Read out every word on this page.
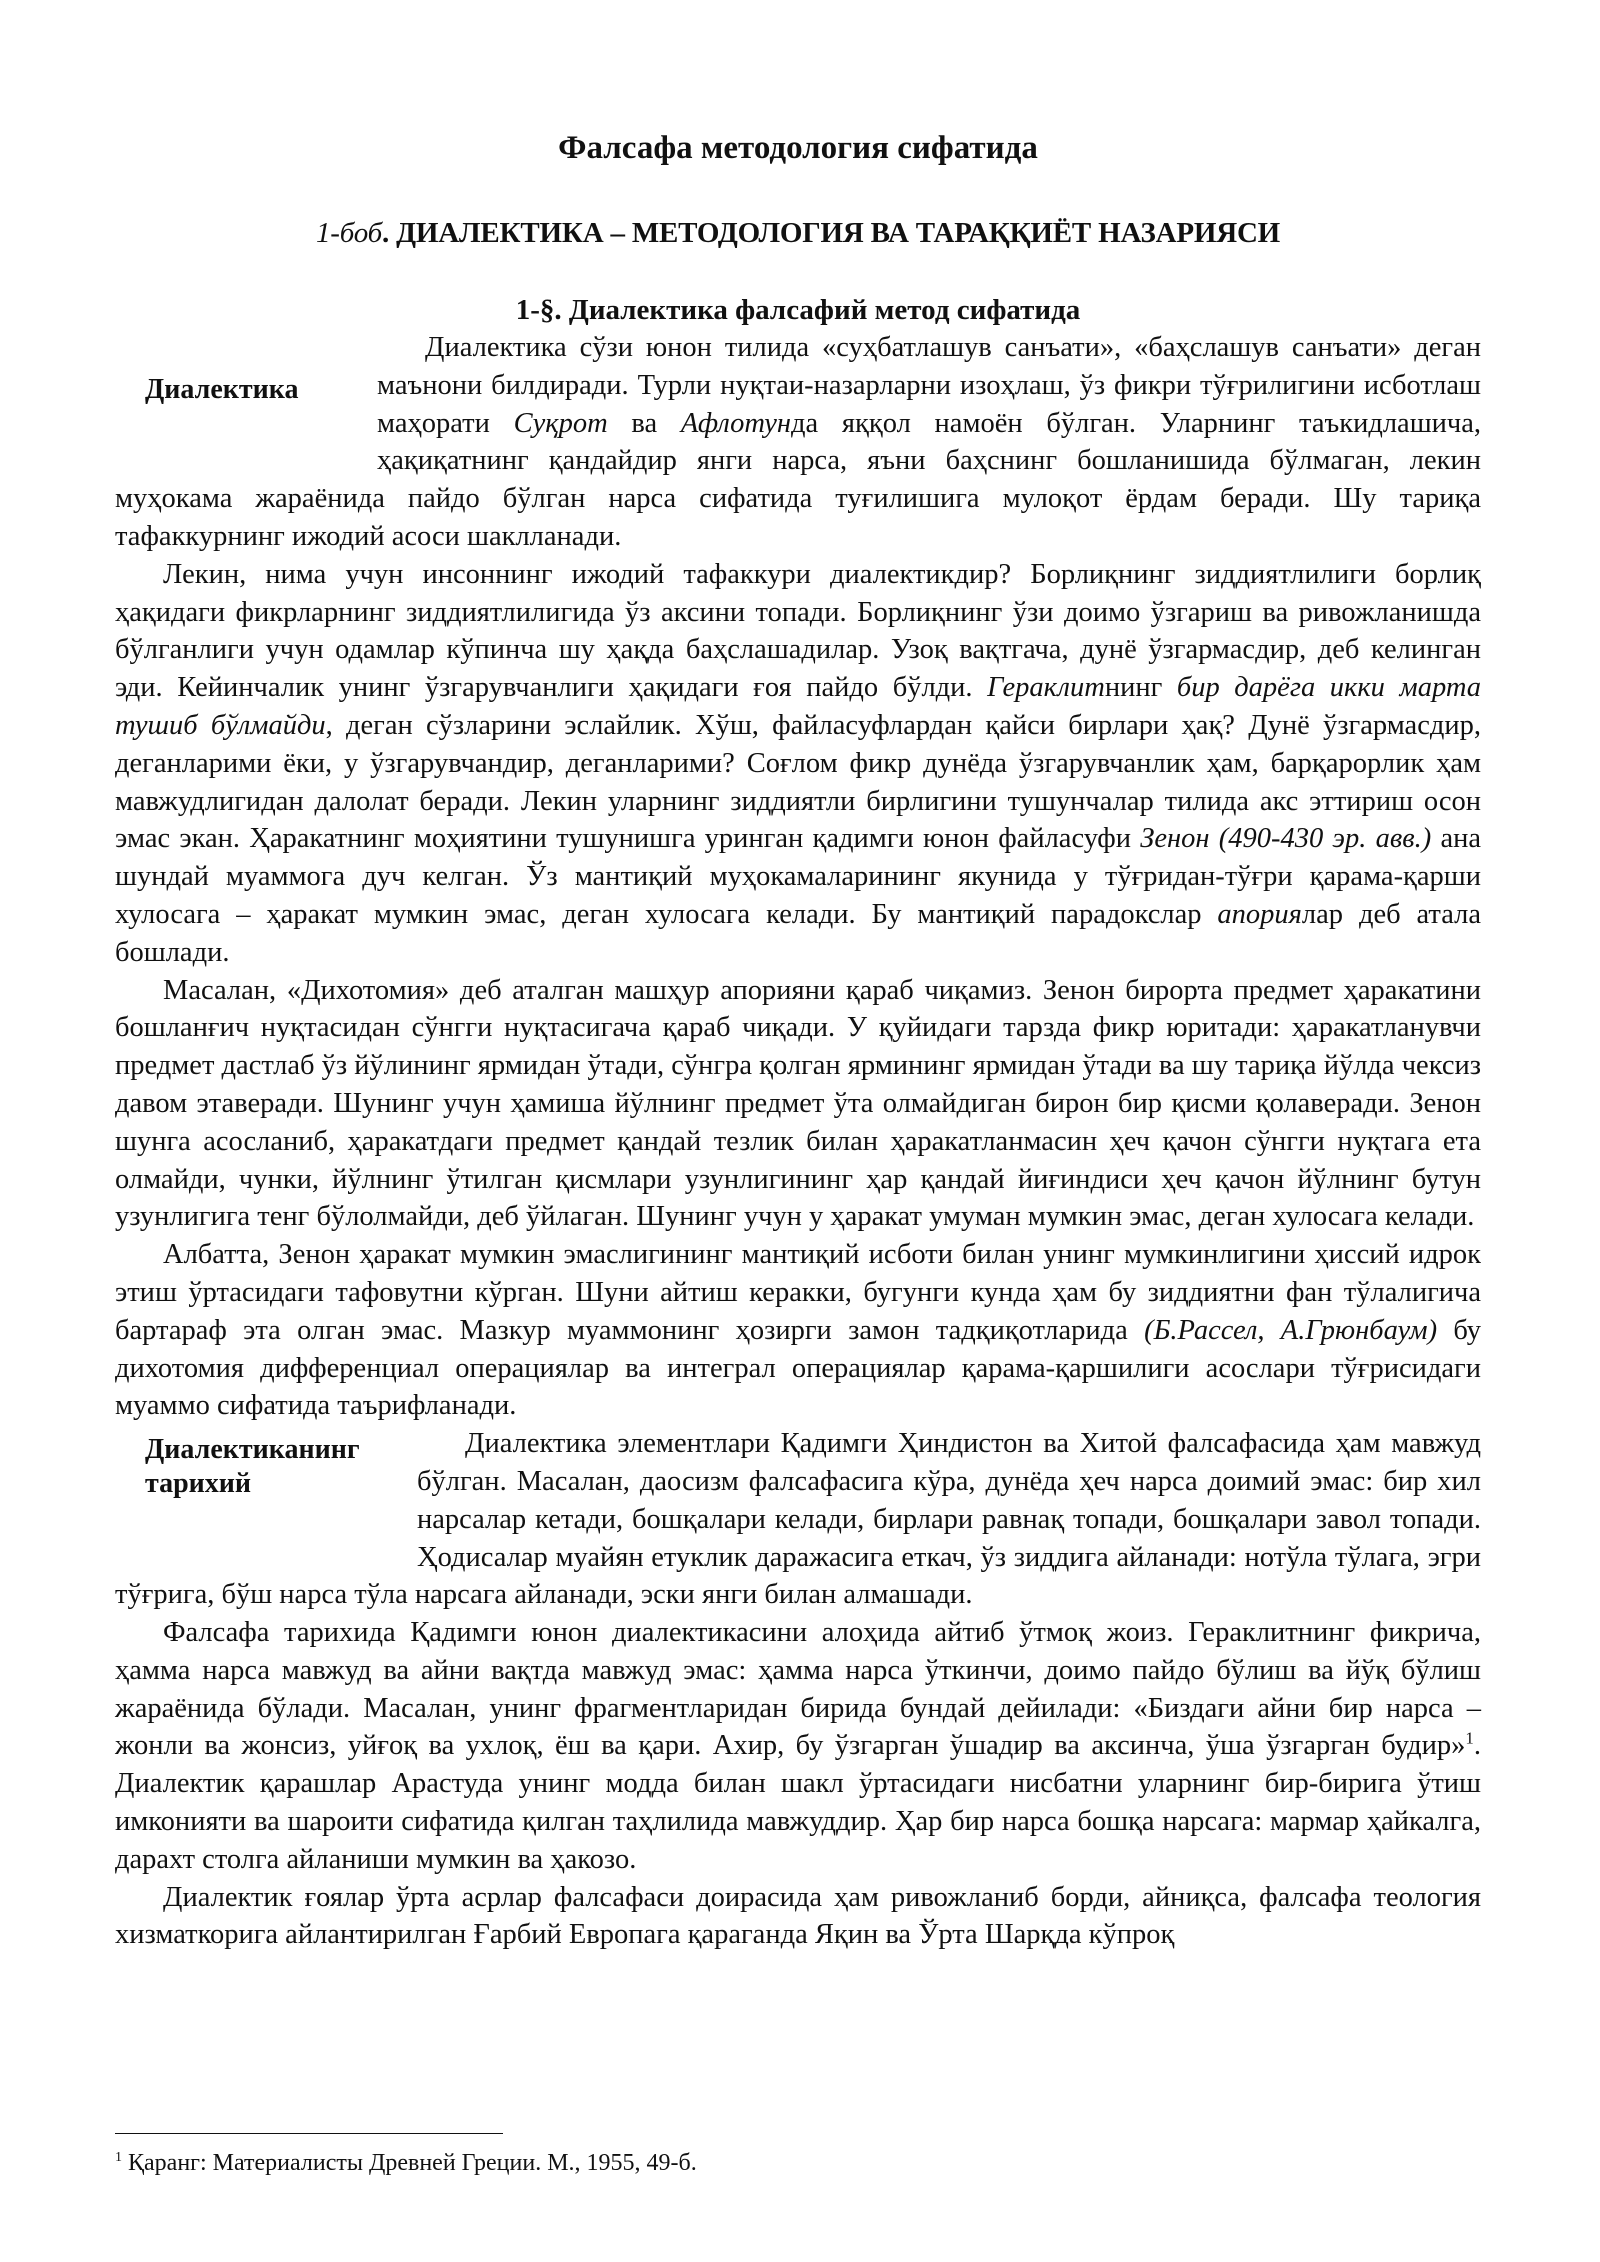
Фалсафа методология сифатида
1-боб. ДИАЛЕКТИКА – МЕТОДОЛОГИЯ ВА ТАРАҚҚИЁТ НАЗАРИЯСИ
1-§. Диалектика фалсафий метод сифатида

Диалектика
Диалектика сўзи юнон тилида «суҳбатлашув санъати», «баҳслашув санъати» деган маънони билдиради. Турли нуқтаи-назарларни изоҳлаш, ўз фикри тўғрилигини исботлаш маҳорати Суқрот ва Афлотунда яққол намоён бўлган. Уларнинг таъкидлашича, ҳақиқатнинг қандайдир янги нарса, яъни баҳснинг бошланишида бўлмаган, лекин муҳокама жараёнида пайдо бўлган нарса сифатида туғилишига мулоқот ёрдам беради. Шу тариқа тафаккурнинг ижодий асоси шаклланади.

Лекин, нима учун инсоннинг ижодий тафаккури диалектикдир? Борлиқнинг зиддиятлилиги борлиқ ҳақидаги фикрларнинг зиддиятлилигида ўз аксини топади. Борлиқнинг ўзи доимо ўзгариш ва ривожланишда бўлганлиги учун одамлар кўпинча шу ҳақда баҳслашадилар. Узоқ вақтгача, дунё ўзгармасдир, деб келинган эди. Кейинчалик унинг ўзгарувчанлиги ҳақидаги ғоя пайдо бўлди. Гераклитнинг бир дарёга икки марта тушиб бўлмайди, деган сўзларини эслайлик. Хўш, файласуфлардан қайси бирлари ҳақ? Дунё ўзгармасдир, деганларими ёки, у ўзгарувчандир, деганларими? Соғлом фикр дунёда ўзгарувчанлик ҳам, барқарорлик ҳам мавжудлигидан далолат беради. Лекин уларнинг зиддиятли бирлигини тушунчалар тилида акс эттириш осон эмас экан. Ҳаракатнинг моҳиятини тушунишга уринган қадимги юнон файласуфи Зенон (490-430 эр. авв.) ана шундай муаммога дуч келган. Ўз мантиқий муҳокамаларининг якунида у тўғридан-тўғри қарама-қарши хулосага – ҳаракат мумкин эмас, деган хулосага келади. Бу мантиқий парадокслар апориялар деб атала бошлади.

Масалан, «Дихотомия» деб аталган машҳур апорияни қараб чиқамиз. Зенон бирорта предмет ҳаракатини бошланғич нуқтасидан сўнгги нуқтасигача қараб чиқади. У қуйидаги тарзда фикр юритади: ҳаракатланувчи предмет дастлаб ўз йўлининг ярмидан ўтади, сўнгра қолган ярмининг ярмидан ўтади ва шу тариқа йўлда чексиз давом этаверади. Шунинг учун ҳамиша йўлнинг предмет ўта олмайдиган бирон бир қисми қолаверади. Зенон шунга асосланиб, ҳаракатдаги предмет қандай тезлик билан ҳаракатланмасин ҳеч қачон сўнгги нуқтага ета олмайди, чунки, йўлнинг ўтилган қисмлари узунлигининг ҳар қандай йиғиндиси ҳеч қачон йўлнинг бутун узунлигига тенг бўлолмайди, деб ўйлаган. Шунинг учун у ҳаракат умуман мумкин эмас, деган хулосага келади.

Албатта, Зенон ҳаракат мумкин эмаслигининг мантиқий исботи билан унинг мумкинлигини ҳиссий идрок этиш ўртасидаги тафовутни кўрган. Шуни айтиш керакки, бугунги кунда ҳам бу зиддиятни фан тўлалигича бартараф эта олган эмас. Мазкур муаммонинг ҳозирги замон тадқиқотларида (Б.Рассел, А.Грюнбаум) бу дихотомия дифференциал операциялар ва интеграл операциялар қарама-қаршилиги асослари тўғрисидаги муаммо сифатида таърифланади.

Диалектиканинг тарихий
Диалектика элементлари Қадимги Ҳиндистон ва Хитой фалсафасида ҳам мавжуд бўлган. Масалан, даосизм фалсафасига кўра, дунёда ҳеч нарса доимий эмас: бир хил нарсалар кетади, бошқалари келади, бирлари равнақ топади, бошқалари завол топади. Ҳодисалар муайян етуклик даражасига еткач, ўз зиддига айланади: нотўла тўлага, эгри тўғрига, бўш нарса тўла нарсага айланади, эски янги билан алмашади.

Фалсафа тарихида Қадимги юнон диалектикасини алоҳида айтиб ўтмоқ жоиз. Гераклитнинг фикрича, ҳамма нарса мавжуд ва айни вақтда мавжуд эмас: ҳамма нарса ўткинчи, доимо пайдо бўлиш ва йўқ бўлиш жараёнида бўлади. Масалан, унинг фрагментларидан бирида бундай дейилади: «Биздаги айни бир нарса – жонли ва жонсиз, уйғоқ ва ухлоқ, ёш ва қари. Ахир, бу ўзгарган ўшадир ва аксинча, ўша ўзгарган будир»$^1$. Диалектик қарашлар Арастуда унинг модда билан шакл ўртасидаги нисбатни уларнинг бир-бирига ўтиш имконияти ва шароити сифатида қилган таҳлилида мавжуддир. Ҳар бир нарса бошқа нарсага: мармар ҳайкалга, дарахт столга айланиши мумкин ва ҳакозо.

Диалектик ғоялар ўрта асрлар фалсафаси доирасида ҳам ривожланиб борди, айниқса, фалсафа теология хизматкорига айлантирилган Ғарбий Европага қараганда Яқин ва Ўрта Шарқда кўпроқ

$^1$ Қаранг: Материалисты Древней Греции. М., 1955, 49-б.
